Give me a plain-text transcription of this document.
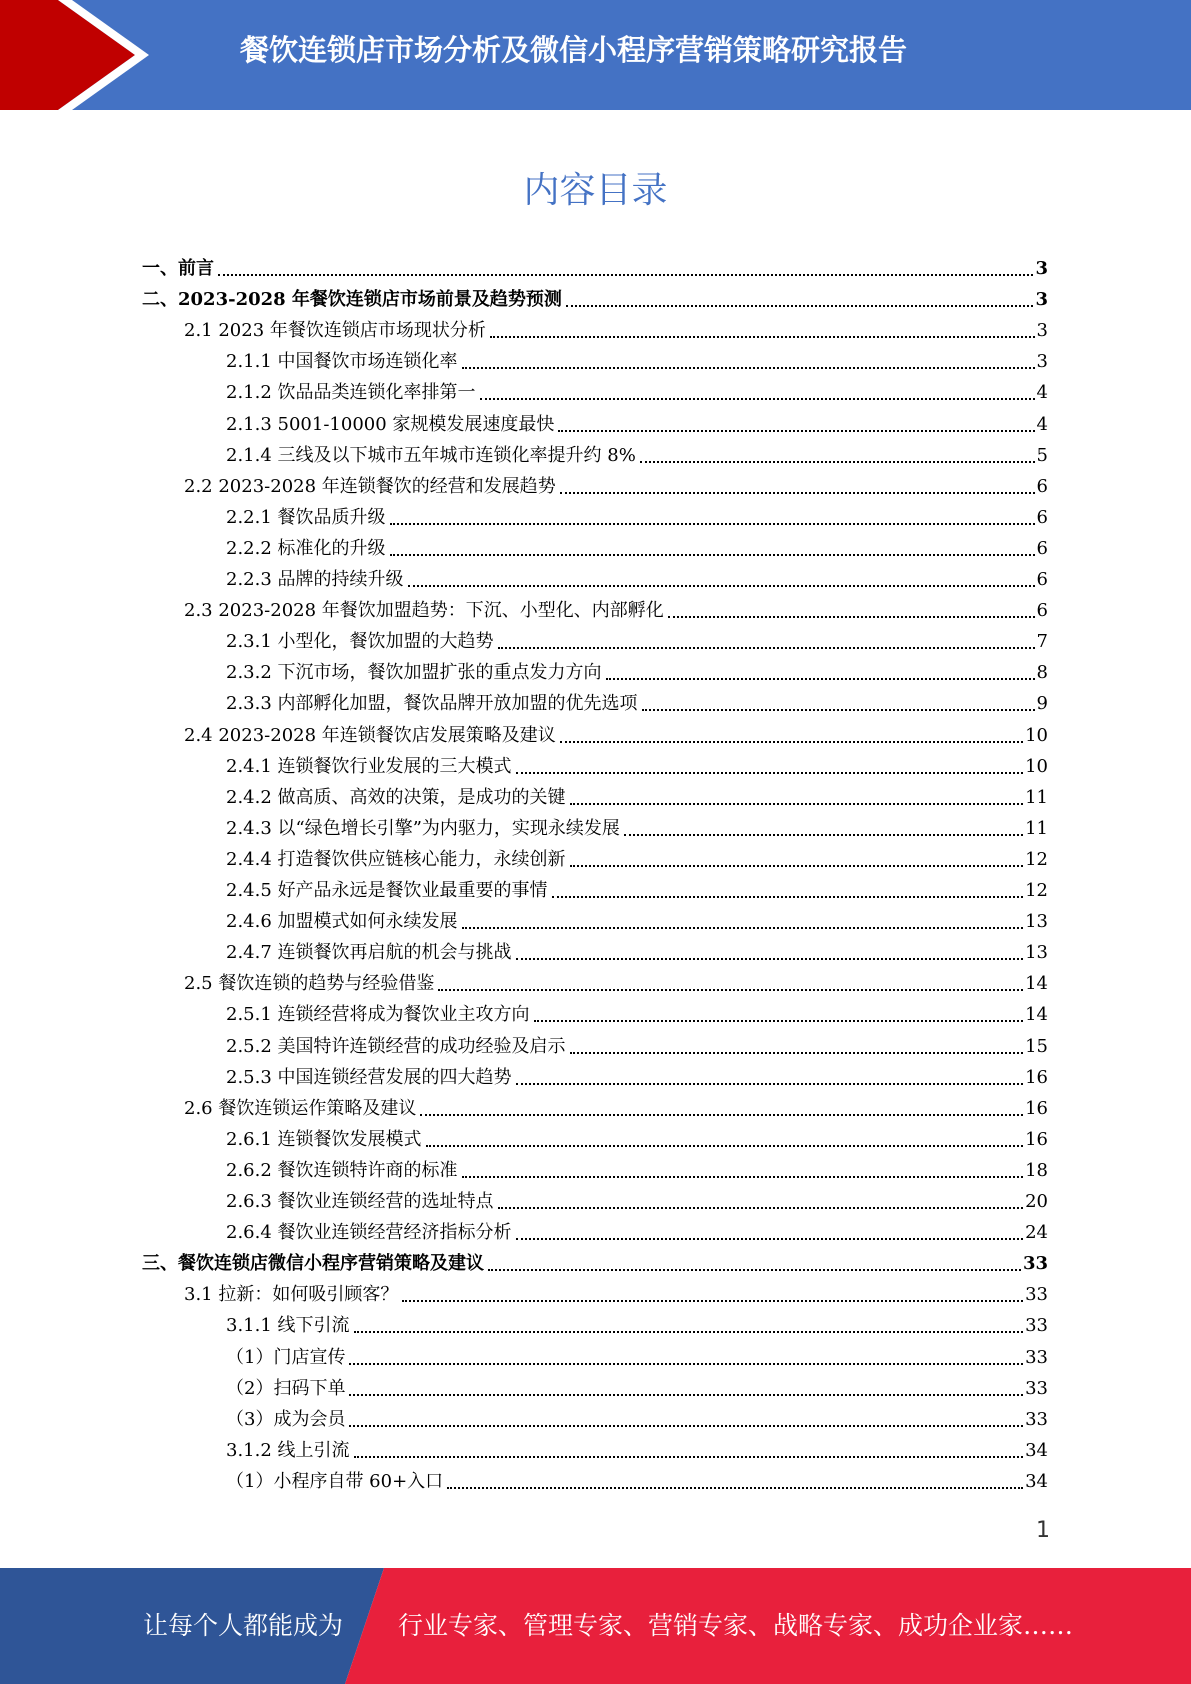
餐饮连锁店市场分析及微信小程序营销策略研究报告
内容目录
一、前言	3
二、2023-2028 年餐饮连锁店市场前景及趋势预测	3
2.1 2023 年餐饮连锁店市场现状分析	3
2.1.1 中国餐饮市场连锁化率	3
2.1.2 饮品品类连锁化率排第一	4
2.1.3 5001-10000 家规模发展速度最快	4
2.1.4 三线及以下城市五年城市连锁化率提升约 8%	5
2.2 2023-2028 年连锁餐饮的经营和发展趋势	6
2.2.1 餐饮品质升级	6
2.2.2 标准化的升级	6
2.2.3 品牌的持续升级	6
2.3 2023-2028 年餐饮加盟趋势：下沉、小型化、内部孵化	6
2.3.1 小型化，餐饮加盟的大趋势	7
2.3.2 下沉市场，餐饮加盟扩张的重点发力方向	8
2.3.3 内部孵化加盟，餐饮品牌开放加盟的优先选项	9
2.4 2023-2028 年连锁餐饮店发展策略及建议	10
2.4.1 连锁餐饮行业发展的三大模式	10
2.4.2 做高质、高效的决策，是成功的关键	11
2.4.3 以“绿色增长引擎”为内驱力，实现永续发展	11
2.4.4 打造餐饮供应链核心能力，永续创新	12
2.4.5 好产品永远是餐饮业最重要的事情	12
2.4.6 加盟模式如何永续发展	13
2.4.7 连锁餐饮再启航的机会与挑战	13
2.5 餐饮连锁的趋势与经验借鉴	14
2.5.1 连锁经营将成为餐饮业主攻方向	14
2.5.2 美国特许连锁经营的成功经验及启示	15
2.5.3 中国连锁经营发展的四大趋势	16
2.6 餐饮连锁运作策略及建议	16
2.6.1 连锁餐饮发展模式	16
2.6.2 餐饮连锁特许商的标准	18
2.6.3 餐饮业连锁经营的选址特点	20
2.6.4 餐饮业连锁经营经济指标分析	24
三、餐饮连锁店微信小程序营销策略及建议	33
3.1 拉新：如何吸引顾客？	33
3.1.1 线下引流	33
（1）门店宣传	33
（2）扫码下单	33
（3）成为会员	33
3.1.2 线上引流	34
（1）小程序自带 60+入口	34
1
让每个人都能成为 行业专家、管理专家、营销专家、战略专家、成功企业家……
